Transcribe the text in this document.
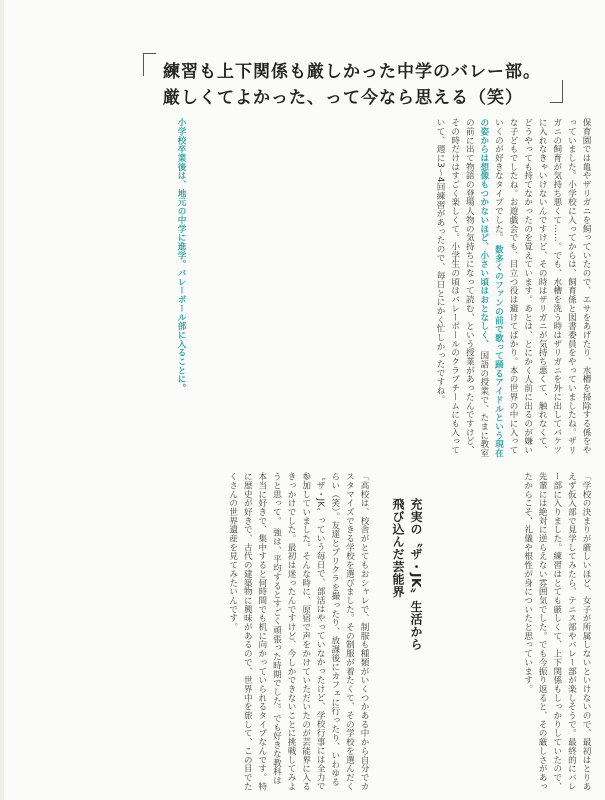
練習も上下関係も厳しかった中学のバレー部。
厳しくてよかった、って今なら思える（笑）
保育園では亀やザリガニを飼っていたので、エサをあげたり、水槽を掃除する係をやっていました。小学校に入ってからは、飼育係と図書委員をやっていましたね。ザリガニの飼育が気持ち悪くて……。でも、水槽を洗う時はザリガニを外に出してバケツに入れなきゃいけないんですけど、その時はザリガニが気持ち悪くて、触れなくて、どうやっても持てなかったのを覚えています。あとは、とにかく人前に出るのが嫌いな子どもでしたね。お遊戯会でも、目立つ役は避けてばかり。本の世界の中に入っていくのが好きなタイプでした。 数多くのファンの前で歌って踊るアイドルという現在の姿からは想像もつかないほど、小さい頃はおとなしく、 国語の授業で、たまに教室の前に出て物語の登場人物の気持ちになって読む、という授業があったんですけど、その時だけはすごく楽しくて。小学生の頃はバレーボールのクラブチームにも入っていて、週に3〜4回練習があったので、毎日とにかく忙しかったですね。
小学校卒業後は、地元の中学に進学。バレーボール部に入ることに。
「学校の決まりが厳しいほど、女子が所属しないといけないので、最初はとりあえず仮入部で見学してみたら、テニス部やバレー部が楽しそうで。最終的にバレー部に入りました。練習はとても厳しくて、上下関係もしっかりしていたので、先輩には絶対に逆らえない雰囲気でした。でも今振り返ると、その厳しさがあったからこそ、礼儀や根性が身についたと思っています。
充実の〝ザ・JK〟生活から
飛び込んだ芸能界
「高校は、校舎がとてもおシャレで、制服も種類がいくつかある中から自分でカスタマイズできる学校を選びました。その制服が着たくて、その学校を選んだくらい（笑）。友達とプリクラを撮ったり、放課後にカフェに行ったり、いわゆる〝ザ・JK〟っていう毎日で、部活はやっていなかったけど、学校行事には全力で参加していました。そんな時に、原宿で声をかけていただいたのが芸能界に入るきっかけでした。最初は迷ったんですけど、今しかできないことに挑戦してみようと思って。 強は、平均するとすごく頑張った時期でした。でも好きな教科は本当に好きで、集中すると何時間でも机に向かっていられるタイプなんです。特に歴史が好きで、古代の建築物に興味があるので、世界中を旅して、この目でたくさんの世界遺産を見てみたいんです。
